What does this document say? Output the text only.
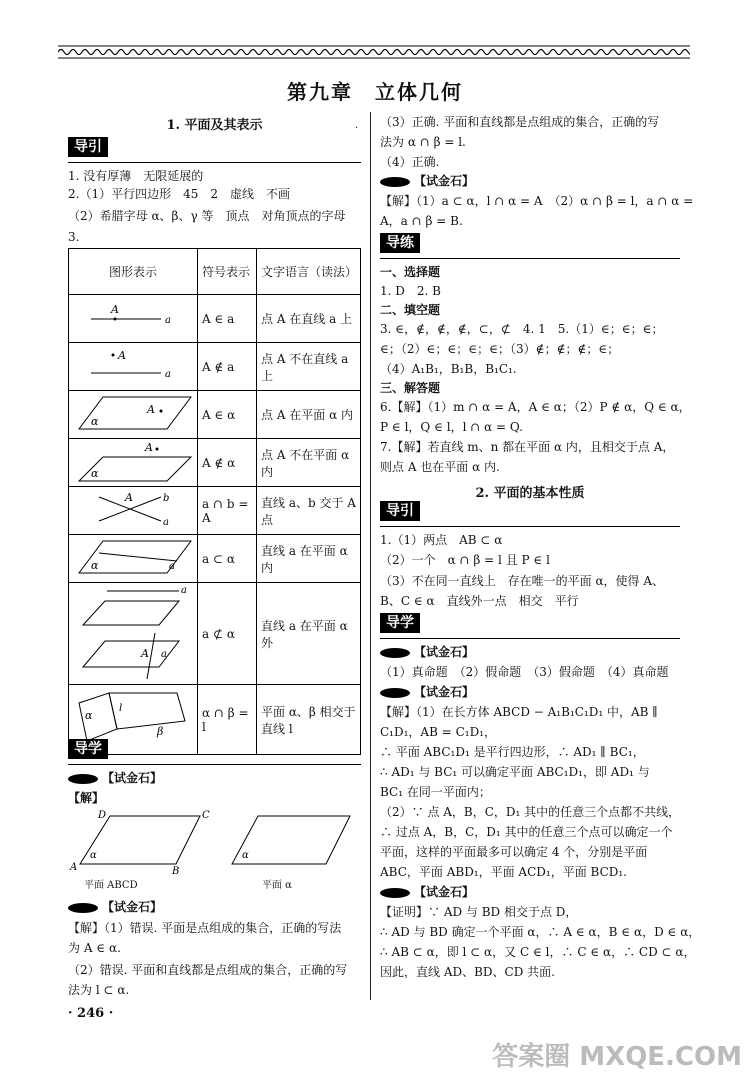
第九章　立体几何
1. 平面及其表示	·
导引
1. 没有厚薄　无限延展的
2.（1）平行四边形　45　2　虚线　不画
（2）希腊字母 α、β、γ 等　顶点　对角顶点的字母
3.
图形表示	符号表示	文字语言（读法）

A
a	A ∈ a	点 A 在直线 a 上

A
a	A ∉ a	点 A 不在直线 a 上

A
α	A ∈ α	点 A 在平面 α 内

A
α	A ∉ α	点 A 不在平面 α 内

A b
a	a ∩ b = A	直线 a、b 交于 A 点

α a	a ⊂ α	直线 a 在平面 α 内

a
A a	a ⊄ α	直线 a 在平面 α 外

α
l
β	α ∩ β = l	平面 α、β 相交于直线 l
导学
【试金石】
【解】
D	C
A	B
α	α
平面 ABCD	平面 α
【试金石】
【解】（1）错误. 平面是点组成的集合，正确的写法
为 A ∈ α.
（2）错误. 平面和直线都是点组成的集合，正确的写
法为 l ⊂ α.
· 246 ·
（3）正确. 平面和直线都是点组成的集合，正确的写
法为 α ∩ β = l.
（4）正确.
【试金石】
【解】（1）a ⊂ α，l ∩ α = A　（2）α ∩ β = l，a ∩ α =
A，a ∩ β = B.
导练
一、选择题
1. D　2. B
二、填空题
3. ∈，∉，∉，∉，⊂，⊄　4. 1　5.（1）∈；∈；∈；
∈；（2）∈；∈；∈；∈；（3）∉；∉；∉；∈；
（4）A₁B₁，B₁B，B₁C₁.
三、解答题
6.【解】（1）m ∩ α = A，A ∈ α；（2）P ∉ α，Q ∈ α，
P ∈ l，Q ∈ l，l ∩ α = Q.
7.【解】若直线 m、n 都在平面 α 内，且相交于点 A，
则点 A 也在平面 α 内.
2. 平面的基本性质
导引
1.（1）两点　AB ⊂ α
（2）一个　α ∩ β = l 且 P ∈ l
（3）不在同一直线上　存在唯一的平面 α，使得 A、
B、C ∈ α　直线外一点　相交　平行
导学
【试金石】
（1）真命题　（2）假命题　（3）假命题　（4）真命题
【试金石】
【解】（1）在长方体 ABCD − A₁B₁C₁D₁ 中，AB ∥
C₁D₁，AB = C₁D₁，
∴ 平面 ABC₁D₁ 是平行四边形，∴ AD₁ ∥ BC₁，
∴ AD₁ 与 BC₁ 可以确定平面 ABC₁D₁，即 AD₁ 与
BC₁ 在同一平面内；
（2）∵ 点 A，B，C，D₁ 其中的任意三个点都不共线，
∴ 过点 A，B，C，D₁ 其中的任意三个点可以确定一个
平面，这样的平面最多可以确定 4 个，分别是平面
ABC，平面 ABD₁，平面 ACD₁，平面 BCD₁.
【试金石】
【证明】∵ AD 与 BD 相交于点 D，
∴ AD 与 BD 确定一个平面 α，∴ A ∈ α，B ∈ α，D ∈ α，
∴ AB ⊂ α，即 l ⊂ α，又 C ∈ l，∴ C ∈ α，∴ CD ⊂ α，
因此，直线 AD、BD、CD 共面.
答案圈 MXQE.COM
